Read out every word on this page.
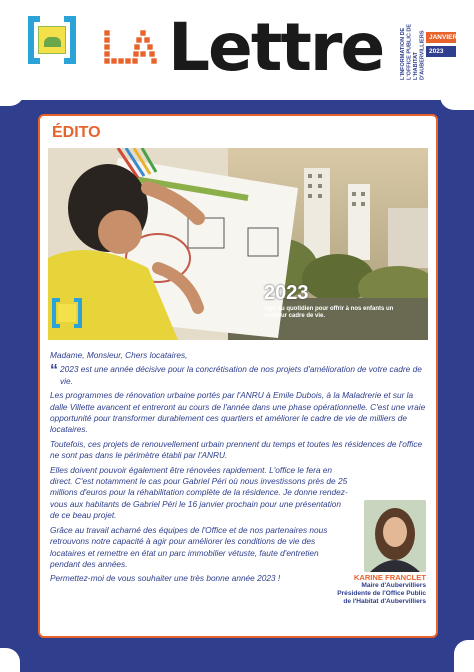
Lettre	L'INFORMATION DE L'OFFICE PUBLIC DE L'HABITAT D'AUBERVILLIERS JANVIER
2023
ÉDITO
2023
Agir au quotidien pour offrir à nos enfants un meilleur cadre de vie.

Madame, Monsieur, Chers locataires,

“ 2023 est une année décisive pour la concrétisation de nos projets d'amélioration de votre cadre de vie.

Les programmes de rénovation urbaine portés par l'ANRU à Emile Dubois, à la Maladrerie et sur la dalle Villette avancent et entreront au cours de l'année dans une phase opérationnelle. C'est une vraie opportunité pour transformer durablement ces quartiers et améliorer le cadre de vie de milliers de locataires.

Toutefois, ces projets de renouvellement urbain prennent du temps et toutes les résidences de l'office ne sont pas dans le périmètre établi par l'ANRU.

Elles doivent pouvoir également être rénovées rapidement. L'office le fera en direct. C'est notamment le cas pour Gabriel Péri où nous investissons près de 25 millions d'euros pour la réhabilitation complète de la résidence. Je donne rendez-vous aux habitants de Gabriel Péri le 16 janvier prochain pour une présentation de ce beau projet.

Grâce au travail acharné des équipes de l'Office et de nos partenaires nous retrouvons notre capacité à agir pour améliorer les conditions de vie des locataires et remettre en état un parc immobilier vétuste, faute d'entretien pendant des années.

Permettez-moi de vous souhaiter une très bonne année 2023 !	KARINE FRANCLET
Maire d'Aubervilliers
Présidente de l'Office Public
de l'Habitat d'Aubervilliers
